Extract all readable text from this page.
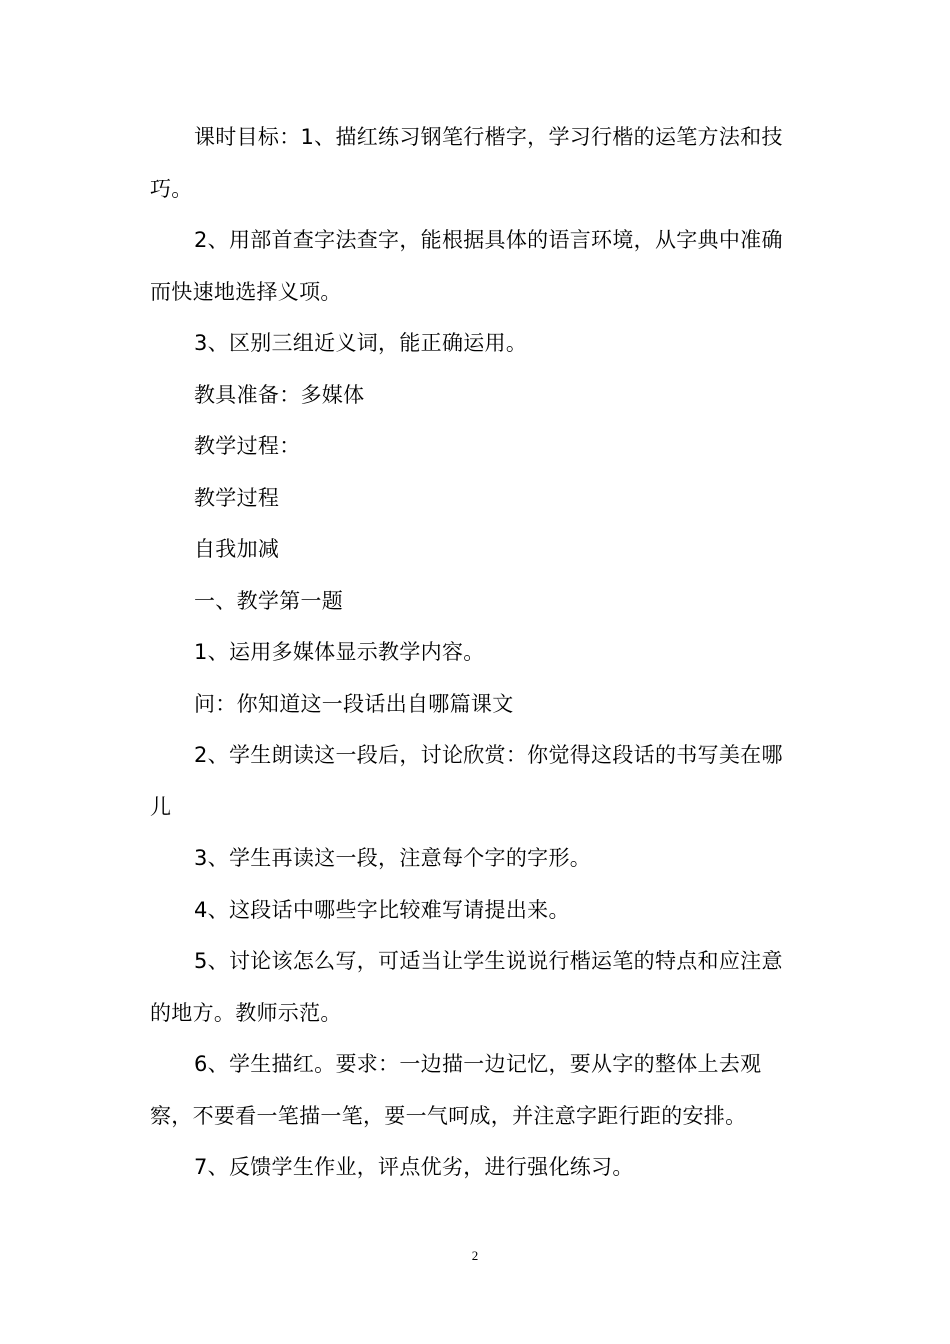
课时目标：1、描红练习钢笔行楷字，学习行楷的运笔方法和技巧。

2、用部首查字法查字，能根据具体的语言环境，从字典中准确而快速地选择义项。

3、区别三组近义词，能正确运用。

教具准备：多媒体

教学过程：

教学过程

自我加减

一、教学第一题

1、运用多媒体显示教学内容。

问：你知道这一段话出自哪篇课文

2、学生朗读这一段后，讨论欣赏：你觉得这段话的书写美在哪儿

3、学生再读这一段，注意每个字的字形。

4、这段话中哪些字比较难写请提出来。

5、讨论该怎么写，可适当让学生说说行楷运笔的特点和应注意的地方。教师示范。

6、学生描红。要求：一边描一边记忆，要从字的整体上去观察，不要看一笔描一笔，要一气呵成，并注意字距行距的安排。

7、反馈学生作业，评点优劣，进行强化练习。

2
